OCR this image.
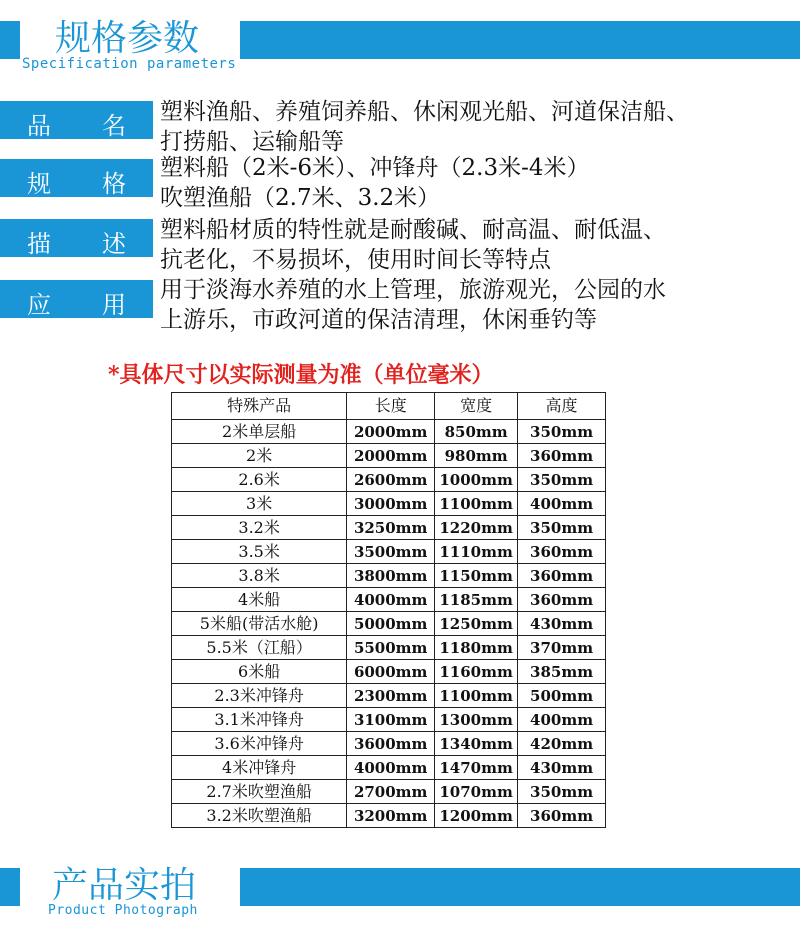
规格参数
Specification parameters
品 名 塑料渔船、养殖饲养船、休闲观光船、河道保洁船、
打捞船、运输船等
规 格
塑料船（2米-6米）、冲锋舟（2.3米-4米）
吹塑渔船（2.7米、3.2米）
描 述 塑料船材质的特性就是耐酸碱、耐高温、耐低温、
抗老化，不易损坏，使用时间长等特点
应 用
用于淡海水养殖的水上管理，旅游观光，公园的水
上游乐，市政河道的保洁清理，休闲垂钓等
*具体尺寸以实际测量为准（单位毫米）
特殊产品	长度	宽度	高度
2米单层船	2000mm	850mm	350mm
2米	2000mm	980mm	360mm
2.6米	2600mm	1000mm	350mm
3米	3000mm	1100mm	400mm
3.2米	3250mm	1220mm	350mm
3.5米	3500mm	1110mm	360mm
3.8米	3800mm	1150mm	360mm
4米船	4000mm	1185mm	360mm
5米船(带活水舱)	5000mm	1250mm	430mm
5.5米（江船）	5500mm	1180mm	370mm
6米船	6000mm	1160mm	385mm
2.3米冲锋舟	2300mm	1100mm	500mm
3.1米冲锋舟	3100mm	1300mm	400mm
3.6米冲锋舟	3600mm	1340mm	420mm
4米冲锋舟	4000mm	1470mm	430mm
2.7米吹塑渔船	2700mm	1070mm	350mm
3.2米吹塑渔船	3200mm	1200mm	360mm
产品实拍
Product Photograph
